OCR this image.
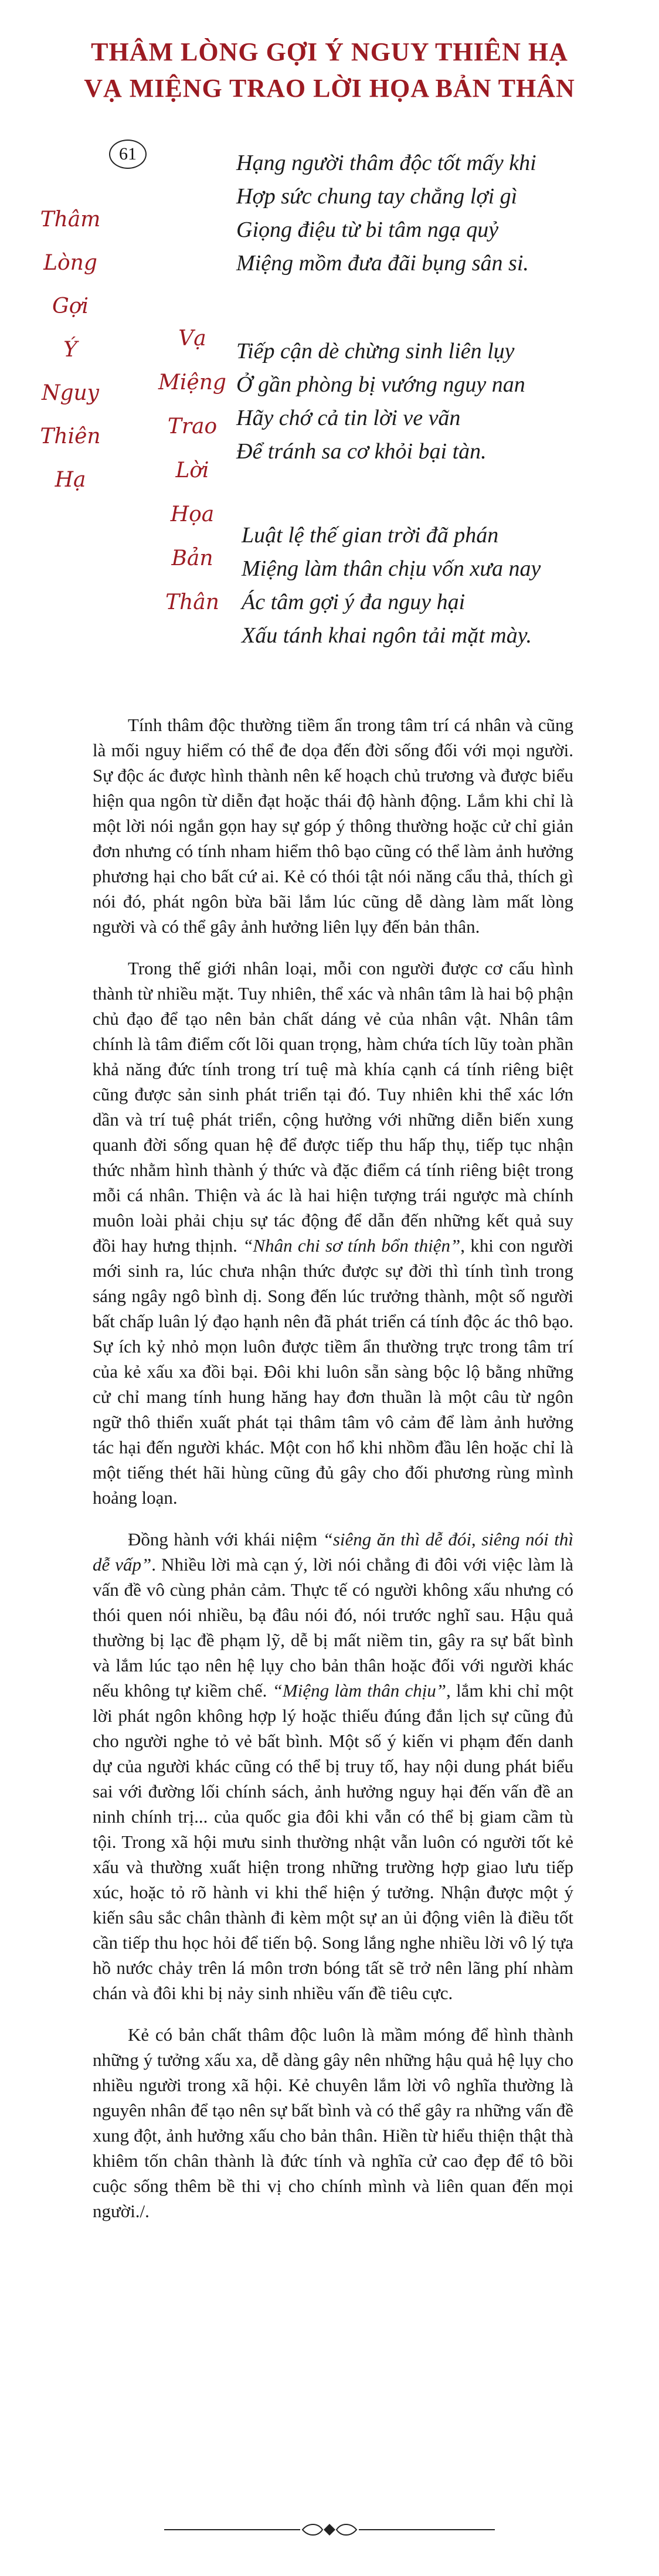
THÂM LÒNG GỢI Ý NGUY THIÊN HẠ
VẠ MIỆNG TRAO LỜI HỌA BẢN THÂN
61
Thâm
Lòng
Gợi
Ý
Nguy
Thiên
Hạ
Vạ
Miệng
Trao
Lời
Họa
Bản
Thân
Hạng người thâm độc tốt mấy khi
Hợp sức chung tay chẳng lợi gì
Giọng điệu từ bi tâm ngạ quỷ
Miệng mồm đưa đãi bụng sân si.
Tiếp cận dè chừng sinh liên lụy
Ở gần phòng bị vướng nguy nan
Hãy chớ cả tin lời ve vãn
Để tránh sa cơ khỏi bại tàn.
Luật lệ thế gian trời đã phán
Miệng làm thân chịu vốn xưa nay
Ác tâm gợi ý đa nguy hại
Xấu tánh khai ngôn tải mặt mày.

Tính thâm độc thường tiềm ẩn trong tâm trí cá nhân và cũng là mối nguy hiểm có thể đe dọa đến đời sống đối với mọi người. Sự độc ác được hình thành nên kế hoạch chủ trương và được biểu hiện qua ngôn từ diễn đạt hoặc thái độ hành động. Lắm khi chỉ là một lời nói ngắn gọn hay sự góp ý thông thường hoặc cử chỉ giản đơn nhưng có tính nham hiểm thô bạo cũng có thể làm ảnh hưởng phương hại cho bất cứ ai. Kẻ có thói tật nói năng cẩu thả, thích gì nói đó, phát ngôn bừa bãi lắm lúc cũng dễ dàng làm mất lòng người và có thể gây ảnh hưởng liên lụy đến bản thân.

Trong thế giới nhân loại, mỗi con người được cơ cấu hình thành từ nhiều mặt. Tuy nhiên, thể xác và nhân tâm là hai bộ phận chủ đạo để tạo nên bản chất dáng vẻ của nhân vật. Nhân tâm chính là tâm điểm cốt lõi quan trọng, hàm chứa tích lũy toàn phần khả năng đức tính trong trí tuệ mà khía cạnh cá tính riêng biệt cũng được sản sinh phát triển tại đó. Tuy nhiên khi thể xác lớn dần và trí tuệ phát triển, cộng hưởng với những diễn biến xung quanh đời sống quan hệ để được tiếp thu hấp thụ, tiếp tục nhận thức nhằm hình thành ý thức và đặc điểm cá tính riêng biệt trong mỗi cá nhân. Thiện và ác là hai hiện tượng trái ngược mà chính muôn loài phải chịu sự tác động để dẫn đến những kết quả suy đồi hay hưng thịnh. “Nhân chi sơ tính bổn thiện”, khi con người mới sinh ra, lúc chưa nhận thức được sự đời thì tính tình trong sáng ngây ngô bình dị. Song đến lúc trưởng thành, một số người bất chấp luân lý đạo hạnh nên đã phát triển cá tính độc ác thô bạo. Sự ích kỷ nhỏ mọn luôn được tiềm ẩn thường trực trong tâm trí của kẻ xấu xa đồi bại. Đôi khi luôn sẵn sàng bộc lộ bằng những cử chỉ mang tính hung hăng hay đơn thuần là một câu từ ngôn ngữ thô thiển xuất phát tại thâm tâm vô cảm để làm ảnh hưởng tác hại đến người khác. Một con hổ khi nhồm đầu lên hoặc chỉ là một tiếng thét hãi hùng cũng đủ gây cho đối phương rùng mình hoảng loạn.

Đồng hành với khái niệm “siêng ăn thì dễ đói, siêng nói thì dễ vấp”. Nhiều lời mà cạn ý, lời nói chẳng đi đôi với việc làm là vấn đề vô cùng phản cảm. Thực tế có người không xấu nhưng có thói quen nói nhiều, bạ đâu nói đó, nói trước nghĩ sau. Hậu quả thường bị lạc đề phạm lỹ, dễ bị mất niềm tin, gây ra sự bất bình và lắm lúc tạo nên hệ lụy cho bản thân hoặc đối với người khác nếu không tự kiềm chế. “Miệng làm thân chịu”, lắm khi chỉ một lời phát ngôn không hợp lý hoặc thiếu đúng đắn lịch sự cũng đủ cho người nghe tỏ vẻ bất bình. Một số ý kiến vi phạm đến danh dự của người khác cũng có thể bị truy tố, hay nội dung phát biểu sai với đường lối chính sách, ảnh hưởng nguy hại đến vấn đề an ninh chính trị... của quốc gia đôi khi vẫn có thể bị giam cầm tù tội. Trong xã hội mưu sinh thường nhật vẫn luôn có người tốt kẻ xấu và thường xuất hiện trong những trường hợp giao lưu tiếp xúc, hoặc tỏ rõ hành vi khi thể hiện ý tưởng. Nhận được một ý kiến sâu sắc chân thành đi kèm một sự an ủi động viên là điều tốt cần tiếp thu học hỏi để tiến bộ. Song lắng nghe nhiều lời vô lý tựa hồ nước chảy trên lá môn trơn bóng tất sẽ trở nên lãng phí nhàm chán và đôi khi bị nảy sinh nhiều vấn đề tiêu cực.

Kẻ có bản chất thâm độc luôn là mầm móng để hình thành những ý tưởng xấu xa, dễ dàng gây nên những hậu quả hệ lụy cho nhiều người trong xã hội. Kẻ chuyên lắm lời vô nghĩa thường là nguyên nhân để tạo nên sự bất bình và có thể gây ra những vấn đề xung đột, ảnh hưởng xấu cho bản thân. Hiền từ hiểu thiện thật thà khiêm tốn chân thành là đức tính và nghĩa cử cao đẹp để tô bồi cuộc sống thêm bề thi vị cho chính mình và liên quan đến mọi người./.
